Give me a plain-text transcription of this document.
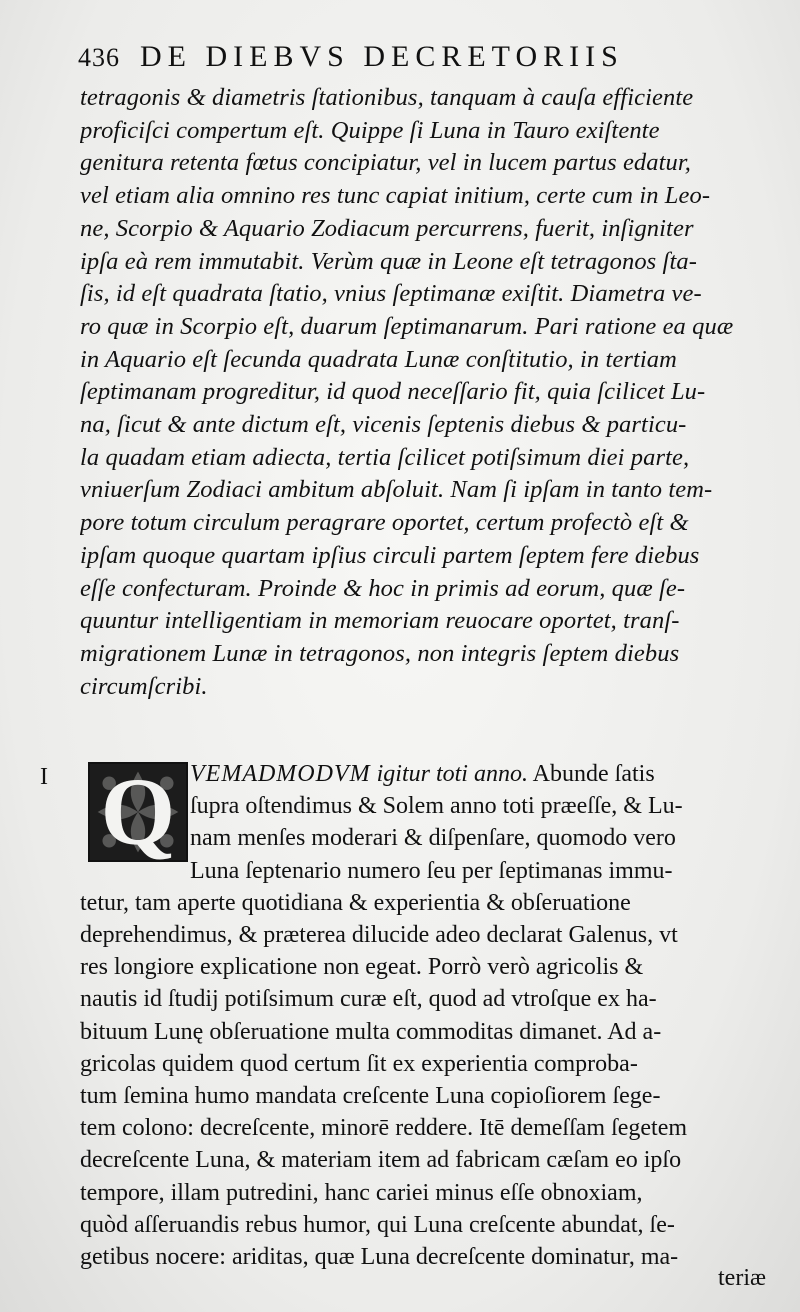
436 DE DIEBVS DECRETORIIS
tetragonis & diametris ſtationibus, tanquam à cauſa efficiente
proficiſci compertum eſt. Quippe ſi Luna in Tauro exiſtente
genitura retenta fœtus concipiatur, vel in lucem partus edatur,
vel etiam alia omnino res tunc capiat initium, certe cum in Leo-
ne, Scorpio & Aquario Zodiacum percurrens, fuerit, inſigniter
ipſa eà rem immutabit. Verùm quæ in Leone eſt tetragonos ſta-
ſis, id eſt quadrata ſtatio, vnius ſeptimanæ exiſtit. Diametra ve-
ro quæ in Scorpio eſt, duarum ſeptimanarum. Pari ratione ea quæ
in Aquario eſt ſecunda quadrata Lunæ conſtitutio, in tertiam
ſeptimanam progreditur, id quod neceſſario fit, quia ſcilicet Lu-
na, ſicut & ante dictum eſt, vicenis ſeptenis diebus & particu-
la quadam etiam adiecta, tertia ſcilicet potiſsimum diei parte,
vniuerſum Zodiaci ambitum abſoluit. Nam ſi ipſam in tanto tem-
pore totum circulum peragrare oportet, certum profectò eſt &
ipſam quoque quartam ipſius circuli partem ſeptem fere diebus
eſſe confecturam. Proinde & hoc in primis ad eorum, quæ ſe-
quuntur intelligentiam in memoriam reuocare oportet, tranſ-
migrationem Lunæ in tetragonos, non integris ſeptem diebus
circumſcribi.
I Q VEMADMODVM igitur toti anno. Abunde ſatis
ſupra oſtendimus & Solem anno toti præeſſe, & Lu-
nam menſes moderari & diſpenſare, quomodo vero
Luna ſeptenario numero ſeu per ſeptimanas immu-
tetur, tam aperte quotidiana & experientia & obſeruatione
deprehendimus, & præterea dilucide adeo declarat Galenus, vt
res longiore explicatione non egeat. Porrò verò agricolis &
nautis id ſtudij potiſsimum curæ eſt, quod ad vtroſque ex ha-
bituum Lunę obſeruatione multa commoditas dimanet. Ad a-
gricolas quidem quod certum ſit ex experientia comproba-
tum ſemina humo mandata creſcente Luna copioſiorem ſege-
tem colono: decreſcente, minorē reddere. Itē demeſſam ſegetem
decreſcente Luna, & materiam item ad fabricam cæſam eo ipſo
tempore, illam putredini, hanc cariei minus eſſe obnoxiam,
quòd aſſeruandis rebus humor, qui Luna creſcente abundat, ſe-
getibus nocere: ariditas, quæ Luna decreſcente dominatur, ma-
teriæ
